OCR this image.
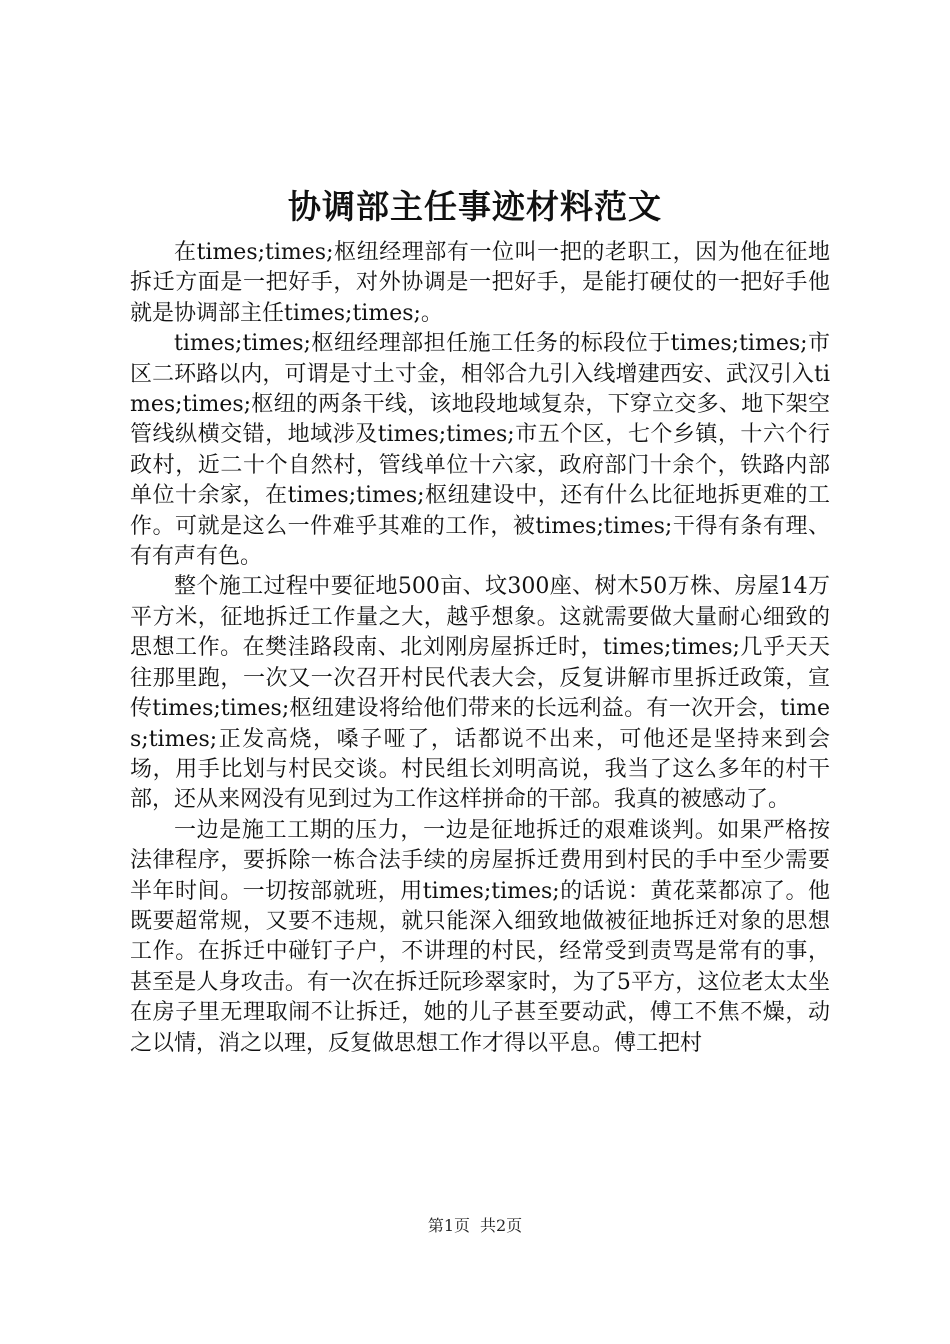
协调部主任事迹材料范文

在times;times;枢纽经理部有一位叫一把的老职工，因为他在征地拆迁方面是一把好手，对外协调是一把好手，是能打硬仗的一把好手他就是协调部主任times;times;。

times;times;枢纽经理部担任施工任务的标段位于times;times;市区二环路以内，可谓是寸土寸金，相邻合九引入线增建西安、武汉引入times;times;枢纽的两条干线，该地段地域复杂，下穿立交多、地下架空管线纵横交错，地域涉及times;times;市五个区，七个乡镇，十六个行政村，近二十个自然村，管线单位十六家，政府部门十余个，铁路内部单位十余家，在times;times;枢纽建设中，还有什么比征地拆更难的工作。可就是这么一件难乎其难的工作，被times;times;干得有条有理、有有声有色。

整个施工过程中要征地500亩、坟300座、树木50万株、房屋14万平方米，征地拆迁工作量之大，越乎想象。这就需要做大量耐心细致的思想工作。在樊洼路段南、北刘刚房屋拆迁时，times;times;几乎天天往那里跑，一次又一次召开村民代表大会，反复讲解市里拆迁政策，宣传times;times;枢纽建设将给他们带来的长远利益。有一次开会，times;times;正发高烧，嗓子哑了，话都说不出来，可他还是坚持来到会场，用手比划与村民交谈。村民组长刘明高说，我当了这么多年的村干部，还从来网没有见到过为工作这样拼命的干部。我真的被感动了。

一边是施工工期的压力，一边是征地拆迁的艰难谈判。如果严格按法律程序，要拆除一栋合法手续的房屋拆迁费用到村民的手中至少需要半年时间。一切按部就班，用times;times;的话说：黄花菜都凉了。他既要超常规，又要不违规，就只能深入细致地做被征地拆迁对象的思想工作。在拆迁中碰钉子户，不讲理的村民，经常受到责骂是常有的事，甚至是人身攻击。有一次在拆迁阮珍翠家时，为了5平方，这位老太太坐在房子里无理取闹不让拆迁，她的儿子甚至要动武，傅工不焦不燥，动之以情，消之以理，反复做思想工作才得以平息。傅工把村

第1页 共2页
